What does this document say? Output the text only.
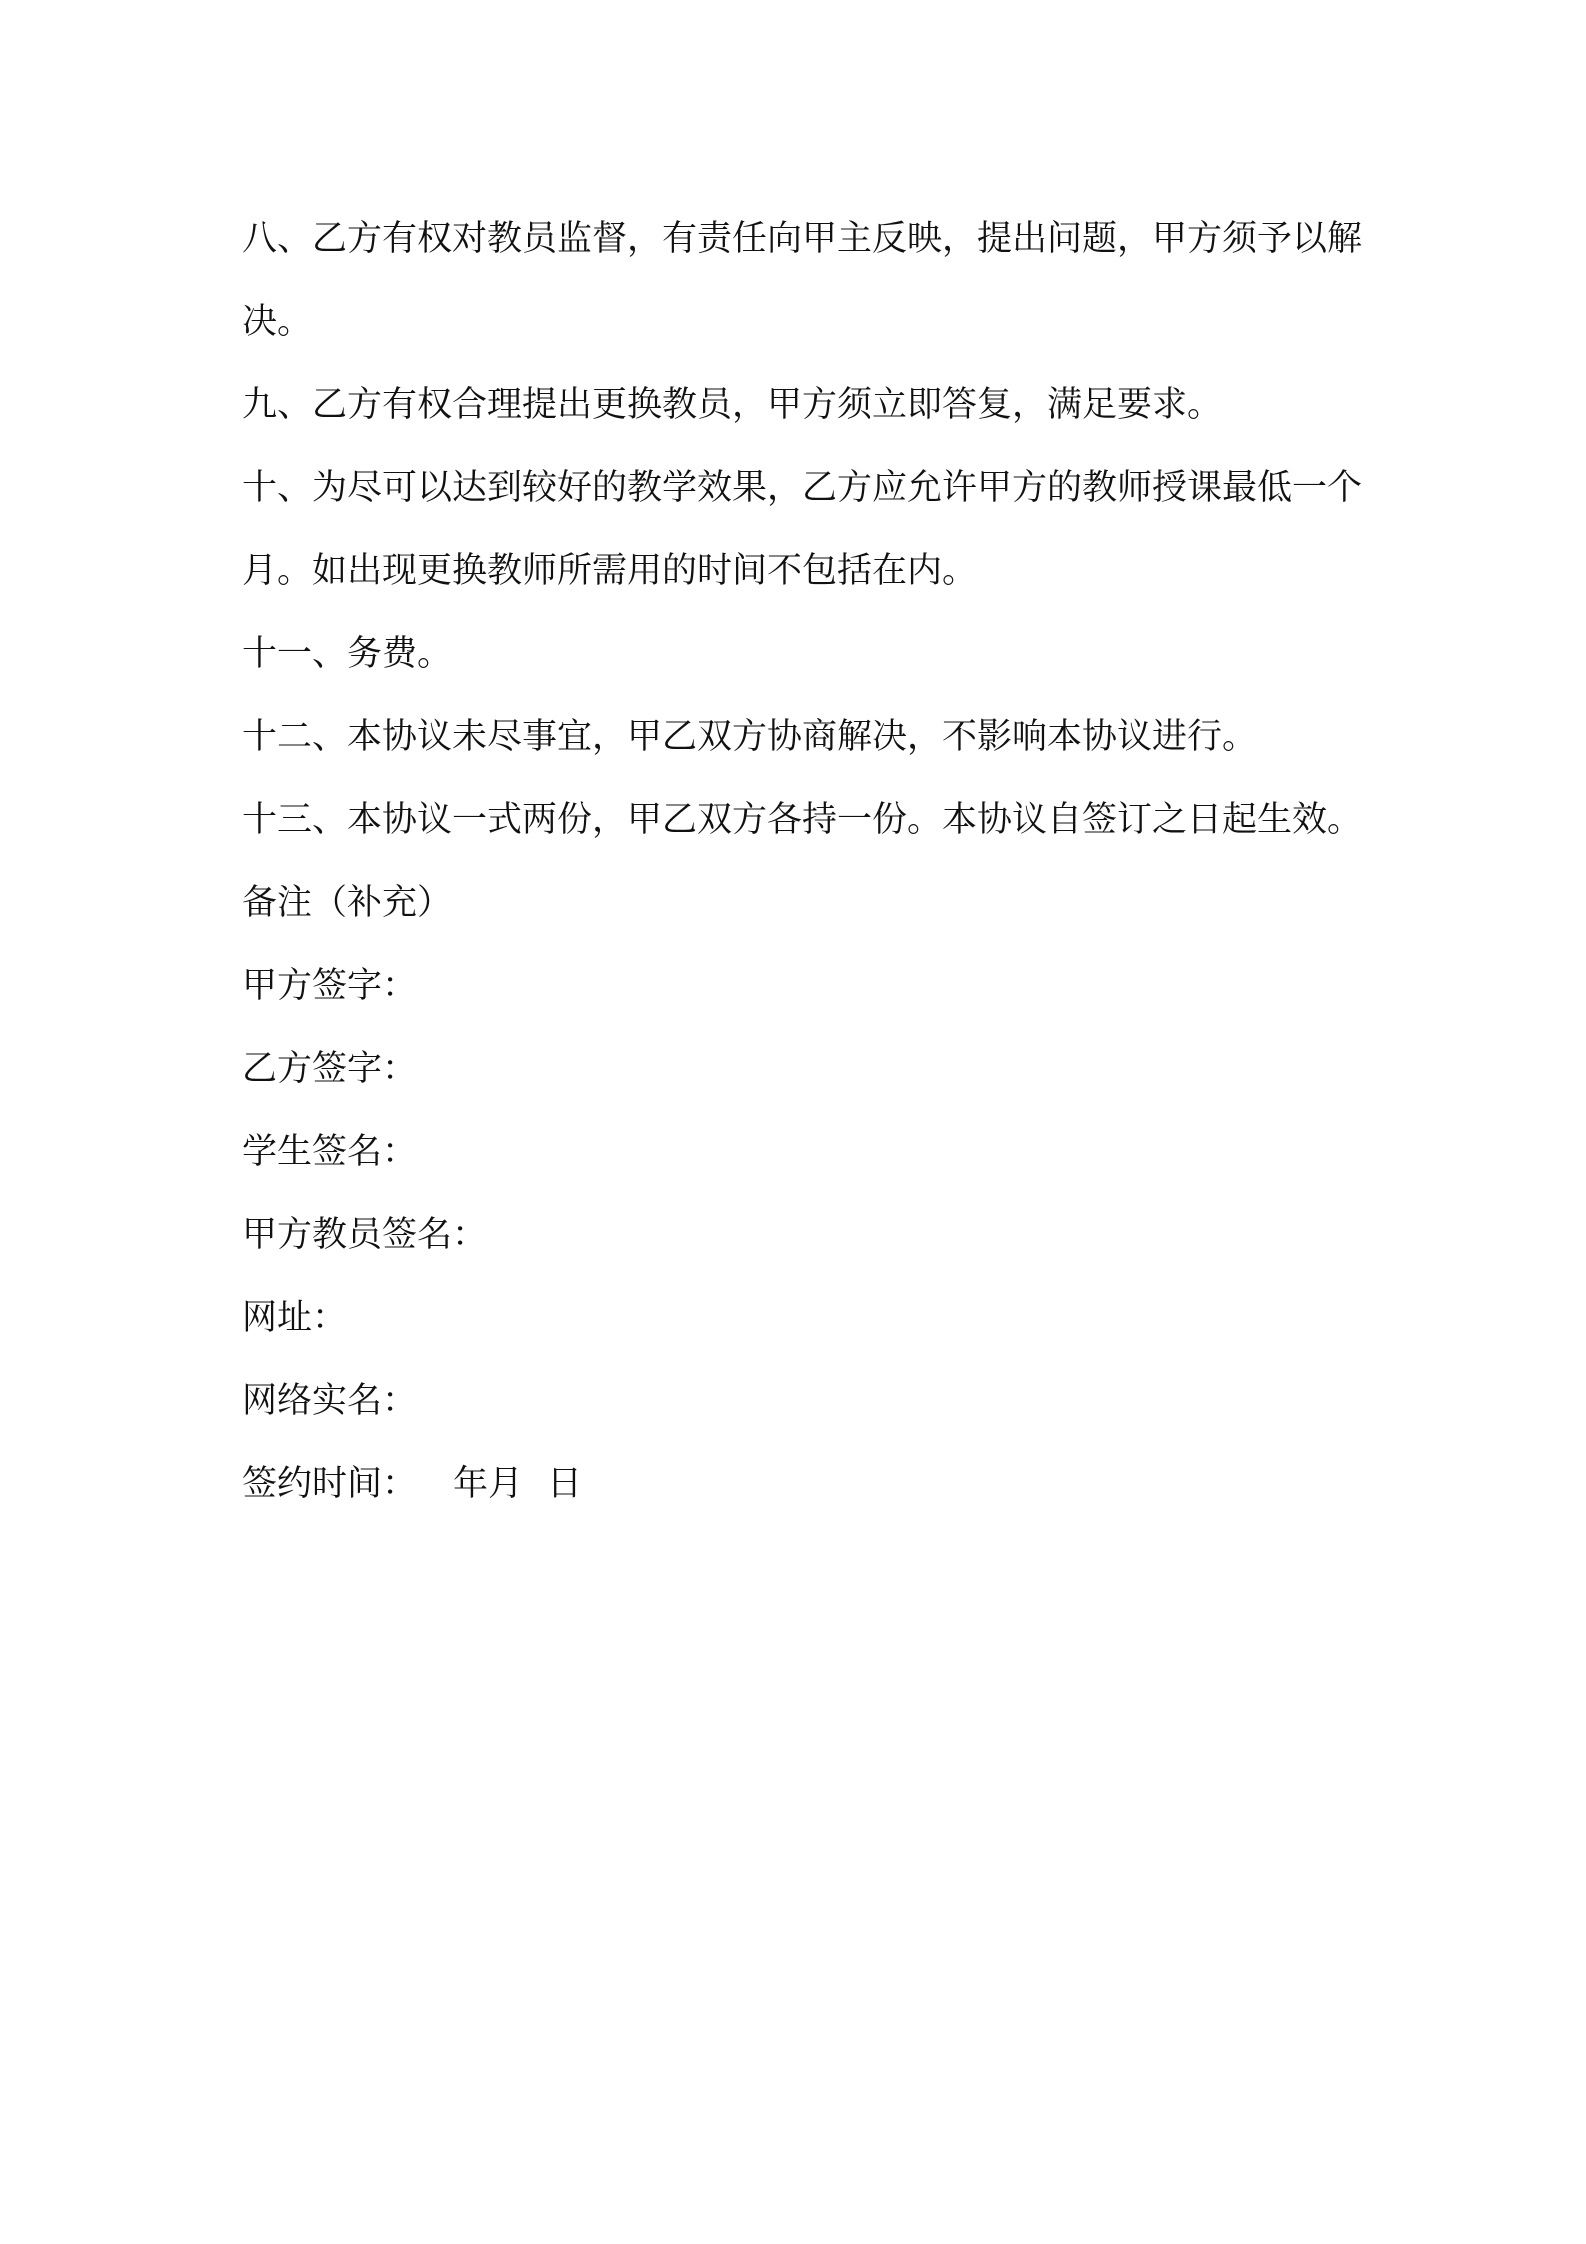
八、乙方有权对教员监督，有责任向甲主反映，提出问题，甲方须予以解决。

九、乙方有权合理提出更换教员，甲方须立即答复，满足要求。

十、为尽可以达到较好的教学效果，乙方应允许甲方的教师授课最低一个月。如出现更换教师所需用的时间不包括在内。

十一、务费。

十二、本协议未尽事宜，甲乙双方协商解决，不影响本协议进行。

十三、本协议一式两份，甲乙双方各持一份。本协议自签订之日起生效。

备注（补充）

甲方签字：

乙方签字：

学生签名：

甲方教员签名：

网址：

网络实名：

签约时间： 年月 日
